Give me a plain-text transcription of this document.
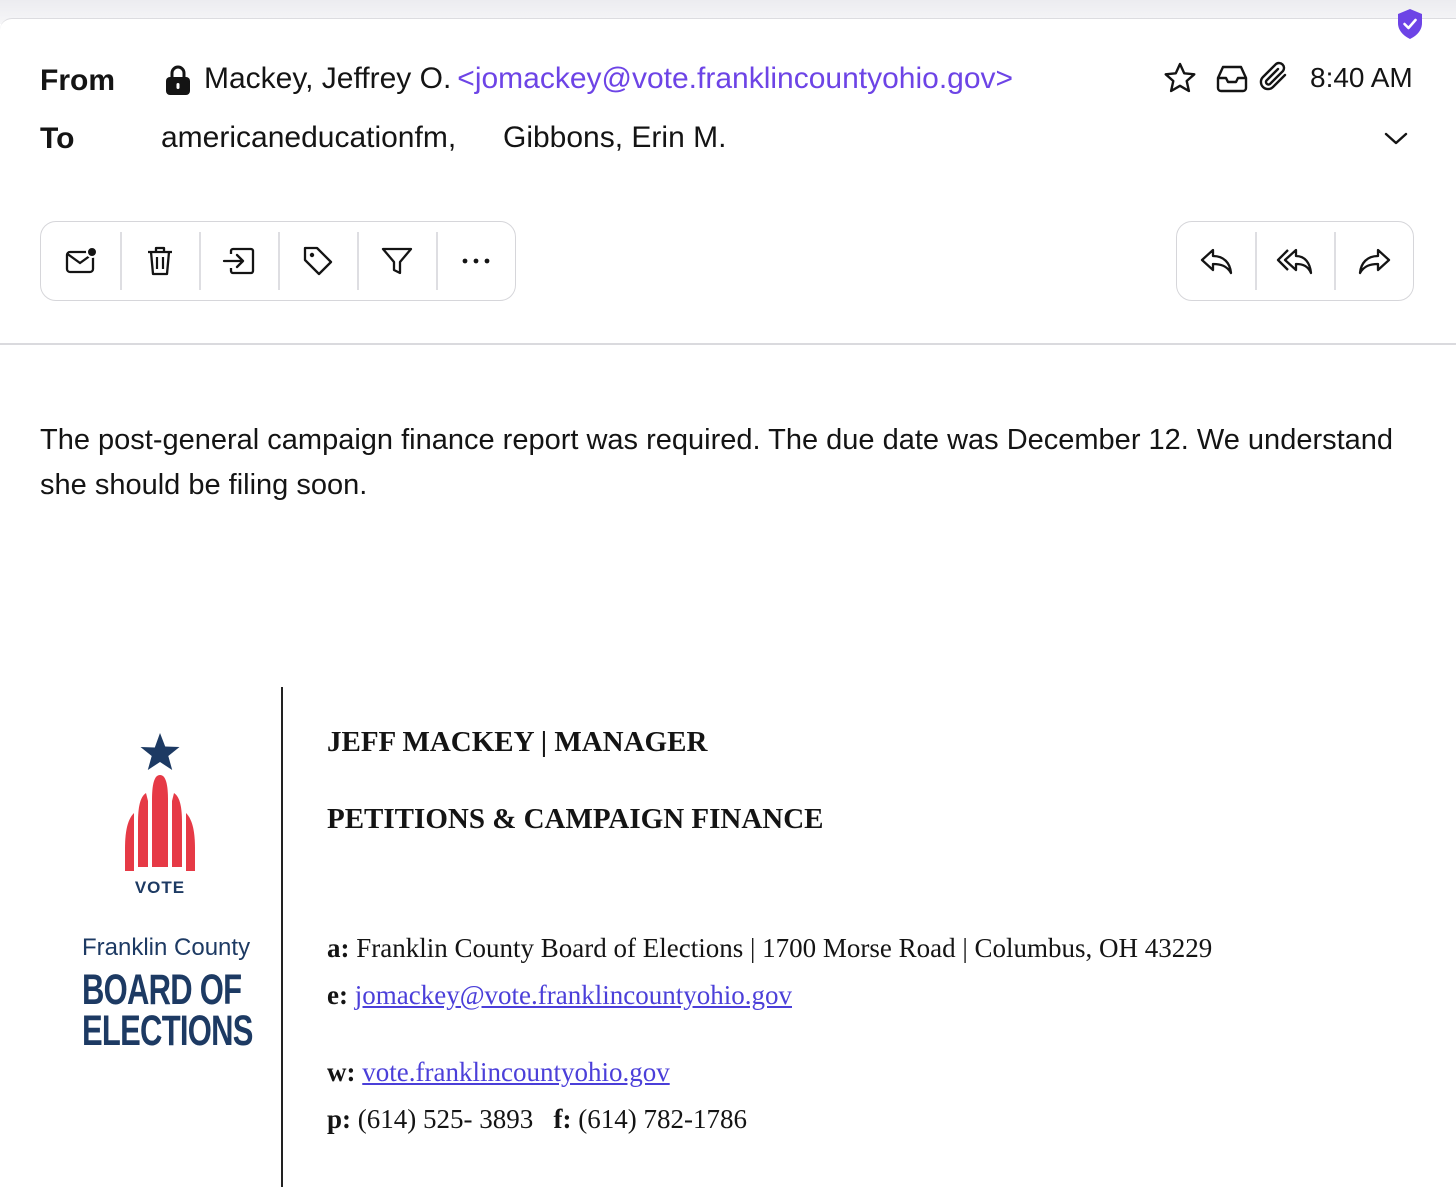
From	Mackey, Jeffrey O. <jomackey@vote.franklincountyohio.gov>
To	americaneducationfm, Gibbons, Erin M.
8:40 AM
The post-general campaign finance report was required. The due date was December 12. We understand she should be filing soon.
VOTE
Franklin County
BOARD OF
ELECTIONS
JEFF MACKEY | MANAGER
PETITIONS & CAMPAIGN FINANCE
a: Franklin County Board of Elections | 1700 Morse Road | Columbus, OH 43229
e: jomackey@vote.franklincountyohio.gov
w: vote.franklincountyohio.gov
p: (614) 525- 3893 f: (614) 782-1786
